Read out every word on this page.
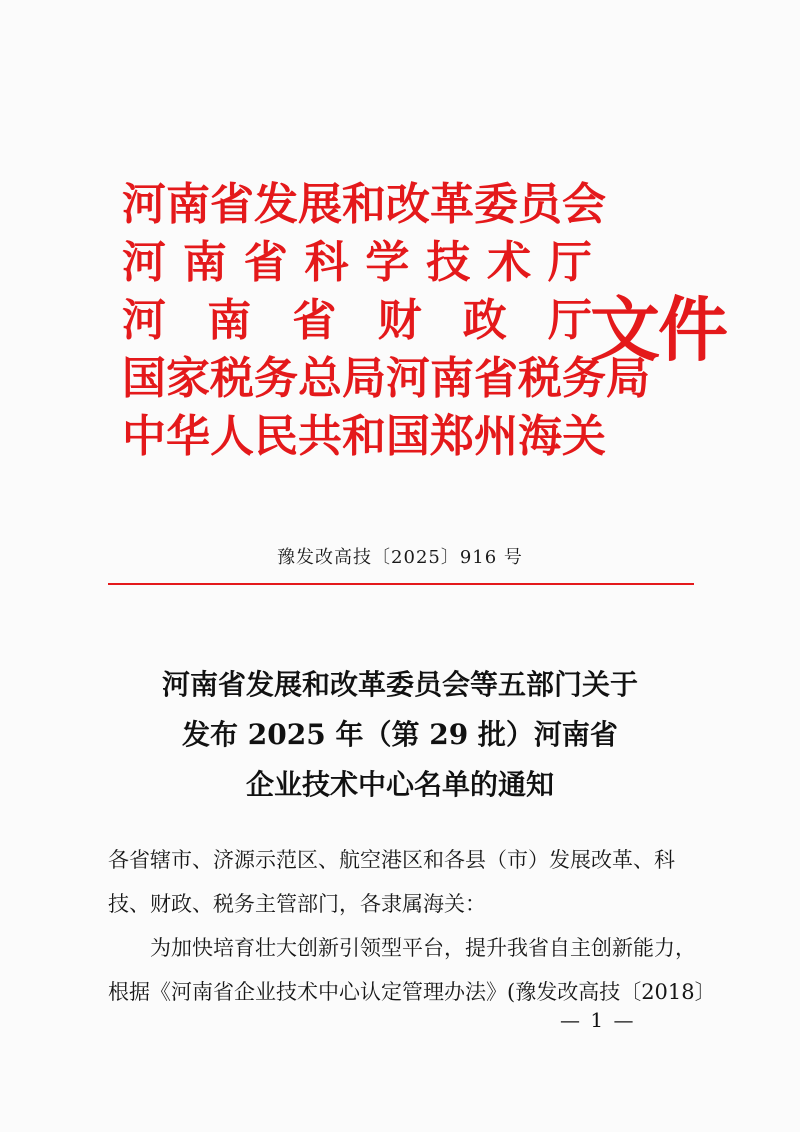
河南省发展和改革委员会
河 南 省 科 学 技 术 厅
河 南 省 财 政 厅
国家税务总局河南省税务局
中华人民共和国郑州海关
文件
豫发改高技〔2025〕916 号
河南省发展和改革委员会等五部门关于
发布 2025 年（第 29 批）河南省
企业技术中心名单的通知

各省辖市、济源示范区、航空港区和各县（市）发展改革、科

技、财政、税务主管部门，各隶属海关：

为加快培育壮大创新引领型平台，提升我省自主创新能力，

根据《河南省企业技术中心认定管理办法》(豫发改高技〔2018〕

— 1 —
